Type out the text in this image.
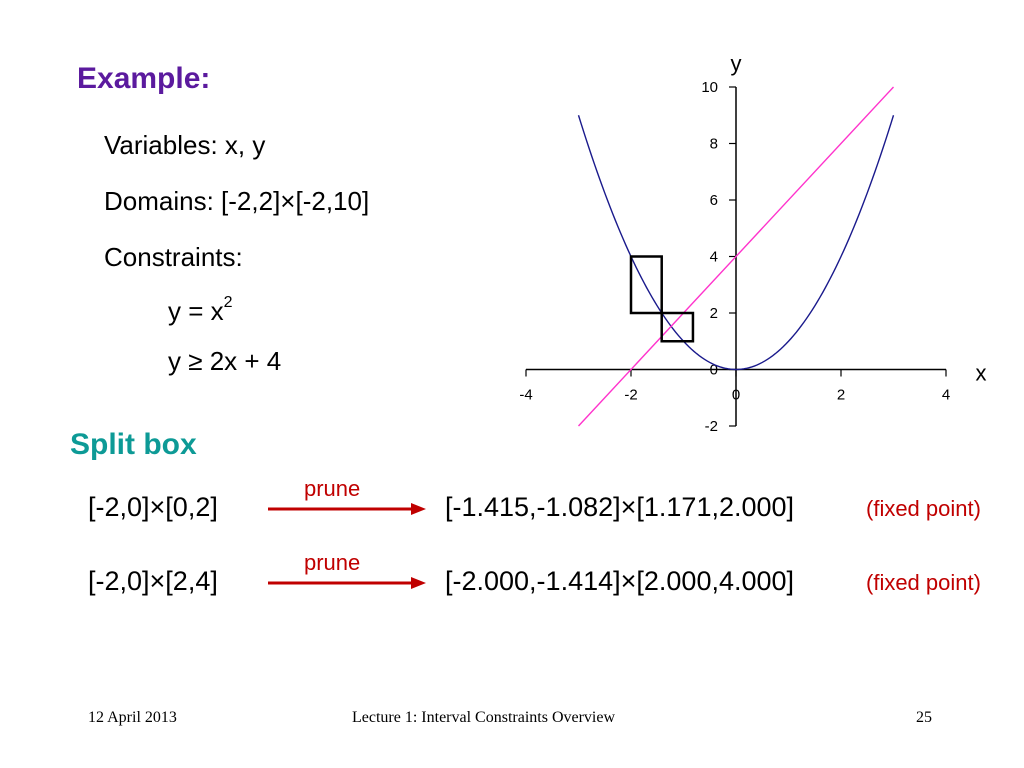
Example:
Variables: x, y
Domains: [-2,2]×[-2,10]
Constraints:
$y = x^2$
y ≥ 2x + 4
-4	-2	0	2	4
-2
0
2
4
6
8
10
x
y
Split box
[-2,0]×[0,2]
prune
[-1.415,-1.082]×[1.171,2.000]	(fixed point)
[-2,0]×[2,4]
prune
[-2.000,-1.414]×[2.000,4.000]	(fixed point)
12 April 2013	Lecture 1: Interval Constraints Overview	25
